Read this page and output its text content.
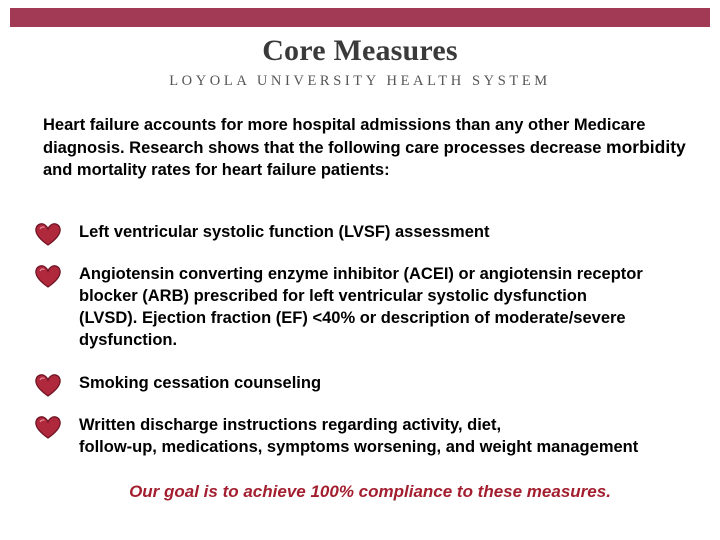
Core Measures
LOYOLA UNIVERSITY HEALTH SYSTEM
Heart failure accounts for more hospital admissions than any other Medicare diagnosis. Research shows that the following care processes decrease morbidity and mortality rates for heart failure patients:
Left ventricular systolic function (LVSF) assessment
Angiotensin converting enzyme inhibitor (ACEI) or angiotensin receptor
blocker (ARB) prescribed for left ventricular systolic dysfunction
(LVSD). Ejection fraction (EF) <40% or description of moderate/severe
dysfunction.
Smoking cessation counseling
Written discharge instructions regarding activity, diet,
follow-up, medications, symptoms worsening, and weight management
Our goal is to achieve 100% compliance to these measures.
